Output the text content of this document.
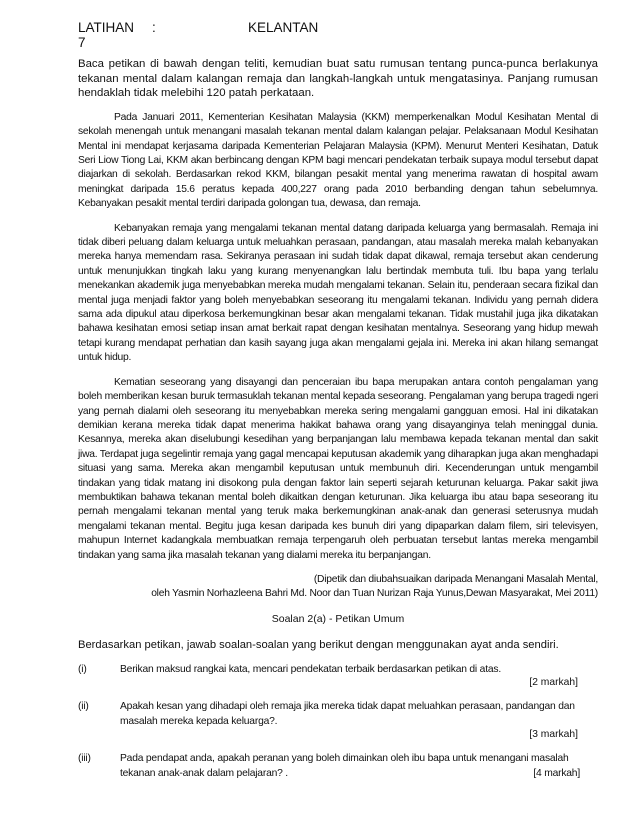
LATIHAN 7
:	KELANTAN
Baca petikan di bawah dengan teliti, kemudian buat satu rumusan tentang punca-punca berlakunya tekanan mental dalam kalangan remaja dan langkah-langkah untuk mengatasinya. Panjang rumusan hendaklah tidak melebihi 120 patah perkataan.
Pada Januari 2011, Kementerian Kesihatan Malaysia (KKM) memperkenalkan Modul Kesihatan Mental di sekolah menengah untuk menangani masalah tekanan mental dalam kalangan pelajar. Pelaksanaan Modul Kesihatan Mental ini mendapat kerjasama daripada Kementerian Pelajaran Malaysia (KPM). Menurut Menteri Kesihatan, Datuk Seri Liow Tiong Lai, KKM akan berbincang dengan KPM bagi mencari pendekatan terbaik supaya modul tersebut dapat diajarkan di sekolah. Berdasarkan rekod KKM, bilangan pesakit mental yang menerima rawatan di hospital awam meningkat daripada 15.6 peratus kepada 400,227 orang pada 2010 berbanding dengan tahun sebelumnya. Kebanyakan pesakit mental terdiri daripada golongan tua, dewasa, dan remaja.
Kebanyakan remaja yang mengalami tekanan mental datang daripada keluarga yang bermasalah. Remaja ini tidak diberi peluang dalam keluarga untuk meluahkan perasaan, pandangan, atau masalah mereka malah kebanyakan mereka hanya memendam rasa. Sekiranya perasaan ini sudah tidak dapat dikawal, remaja tersebut akan cenderung untuk menunjukkan tingkah laku yang kurang menyenangkan lalu bertindak membuta tuli. Ibu bapa yang terlalu menekankan akademik juga menyebabkan mereka mudah mengalami tekanan. Selain itu, penderaan secara fizikal dan mental juga menjadi faktor yang boleh menyebabkan seseorang itu mengalami tekanan. Individu yang pernah didera sama ada dipukul atau diperkosa berkemungkinan besar akan mengalami tekanan. Tidak mustahil juga jika dikatakan bahawa kesihatan emosi setiap insan amat berkait rapat dengan kesihatan mentalnya. Seseorang yang hidup mewah tetapi kurang mendapat perhatian dan kasih sayang juga akan mengalami gejala ini. Mereka ini akan hilang semangat untuk hidup.
Kematian seseorang yang disayangi dan penceraian ibu bapa merupakan antara contoh pengalaman yang boleh memberikan kesan buruk termasuklah tekanan mental kepada seseorang. Pengalaman yang berupa tragedi ngeri yang pernah dialami oleh seseorang itu menyebabkan mereka sering mengalami gangguan emosi. Hal ini dikatakan demikian kerana mereka tidak dapat menerima hakikat bahawa orang yang disayanginya telah meninggal dunia. Kesannya, mereka akan diselubungi kesedihan yang berpanjangan lalu membawa kepada tekanan mental dan sakit jiwa. Terdapat juga segelintir remaja yang gagal mencapai keputusan akademik yang diharapkan juga akan menghadapi situasi yang sama. Mereka akan mengambil keputusan untuk membunuh diri. Kecenderungan untuk mengambil tindakan yang tidak matang ini disokong pula dengan faktor lain seperti sejarah keturunan keluarga. Pakar sakit jiwa membuktikan bahawa tekanan mental boleh dikaitkan dengan keturunan. Jika keluarga ibu atau bapa seseorang itu pernah mengalami tekanan mental yang teruk maka berkemungkinan anak-anak dan generasi seterusnya mudah mengalami tekanan mental. Begitu juga kesan daripada kes bunuh diri yang dipaparkan dalam filem, siri televisyen, mahupun Internet kadangkala membuatkan remaja terpengaruh oleh perbuatan tersebut lantas mereka mengambil tindakan yang sama jika masalah tekanan yang dialami mereka itu berpanjangan.
(Dipetik dan diubahsuaikan daripada Menangani Masalah Mental,
oleh Yasmin Norhazleena Bahri Md. Noor dan Tuan Nurizan Raja Yunus,Dewan Masyarakat, Mei 2011)
Soalan 2(a) - Petikan Umum
Berdasarkan petikan, jawab soalan-soalan yang berikut dengan menggunakan ayat anda sendiri.
(i)	Berikan maksud rangkai kata, mencari pendekatan terbaik berdasarkan petikan di atas.
[2 markah]
(ii)	Apakah kesan yang dihadapi oleh remaja jika mereka tidak dapat meluahkan perasaan, pandangan dan masalah mereka kepada keluarga?.
[3 markah]
(iii)	Pada pendapat anda, apakah peranan yang boleh dimainkan oleh ibu bapa untuk menangani masalah tekanan anak-anak dalam pelajaran? .	[4 markah]
